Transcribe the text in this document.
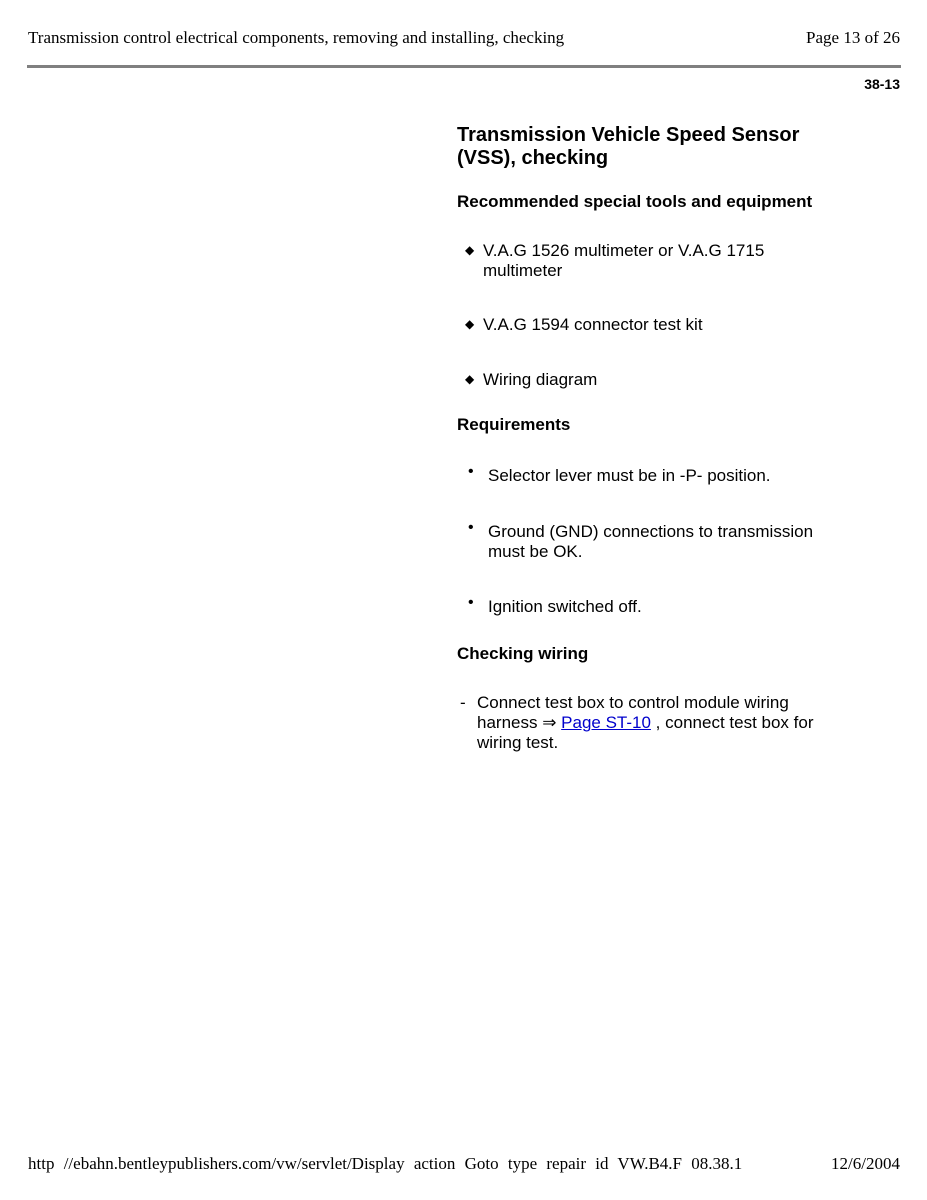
Transmission control electrical components, removing and installing, checking	Page 13 of 26
38-13
Transmission Vehicle Speed Sensor
(VSS), checking
Recommended special tools and equipment
◆ V.A.G 1526 multimeter or V.A.G 1715
multimeter
◆ V.A.G 1594 connector test kit
◆ Wiring diagram
Requirements
• Selector lever must be in -P- position.
• Ground (GND) connections to transmission
must be OK.
• Ignition switched off.
Checking wiring
- Connect test box to control module wiring
harness ⇒ Page ST-10 , connect test box for
wiring test.
http //ebahn.bentleypublishers.com/vw/servlet/Display action Goto type repair id VW.B4.F 08.38.1	12/6/2004
